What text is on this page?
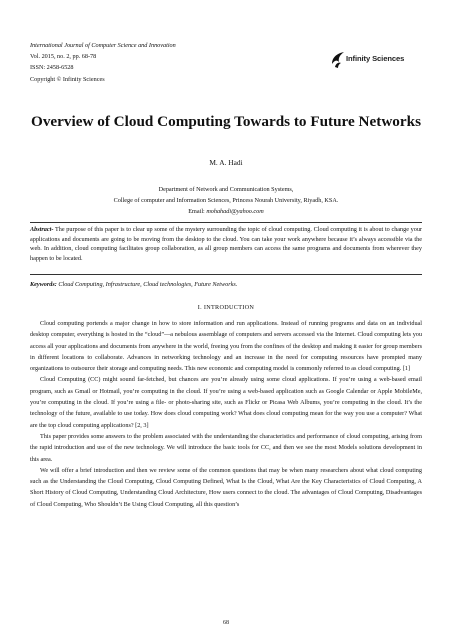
International Journal of Computer Science and Innovation
Vol. 2015, no. 2, pp. 68-78
ISSN: 2458-6528
Copyright © Infinity Sciences
Infinity Sciences
Overview of Cloud Computing Towards to Future Networks
M. A. Hadi
Department of Network and Communication Systems,
College of computer and Information Sciences, Princess Nourah University, Riyadh, KSA.
Email: mohahadi@yahoo.com
Abstract- The purpose of this paper is to clear up some of the mystery surrounding the topic of cloud computing. Cloud computing it is about to change your applications and documents are going to be moving from the desktop to the cloud. You can take your work anywhere because it’s always accessible via the web. In addition, cloud computing facilitates group collaboration, as all group members can access the same programs and documents from wherever they happen to be located.
Keywords: Cloud Computing, Infrastructure, Cloud technologies, Future Networks.
I. INTRODUCTION

Cloud computing portends a major change in how to store information and run applications. Instead of running programs and data on an individual desktop computer, everything is hosted in the “cloud”—a nebulous assemblage of computers and servers accessed via the Internet. Cloud computing lets you access all your applications and documents from anywhere in the world, freeing you from the confines of the desktop and making it easier for group members in different locations to collaborate. Advances in networking technology and an increase in the need for computing resources have prompted many organizations to outsource their storage and computing needs. This new economic and computing model is commonly referred to as cloud computing. [1]

Cloud Computing (CC) might sound far-fetched, but chances are you’re already using some cloud applications. If you’re using a web-based email program, such as Gmail or Hotmail, you’re computing in the cloud. If you’re using a web-based application such as Google Calendar or Apple MobileMe, you’re computing in the cloud. If you’re using a file- or photo-sharing site, such as Flickr or Picasa Web Albums, you’re computing in the cloud. It’s the technology of the future, available to use today. How does cloud computing work? What does cloud computing mean for the way you use a computer? What are the top cloud computing applications? [2, 3]

This paper provides some answers to the problem associated with the understanding the characteristics and performance of cloud computing, arising from the rapid introduction and use of the new technology. We will introduce the basic tools for CC, and then we see the most Models solutions development in this area.

We will offer a brief introduction and then we review some of the common questions that may be when many researchers about what cloud computing such as the Understanding the Cloud Computing, Cloud Computing Defined, What Is the Cloud, What Are the Key Characteristics of Cloud Computing, A Short History of Cloud Computing, Understanding Cloud Architecture, How users connect to the cloud. The advantages of Cloud Computing, Disadvantages of Cloud Computing, Who Shouldn’t Be Using Cloud Computing, all this question’s

68
